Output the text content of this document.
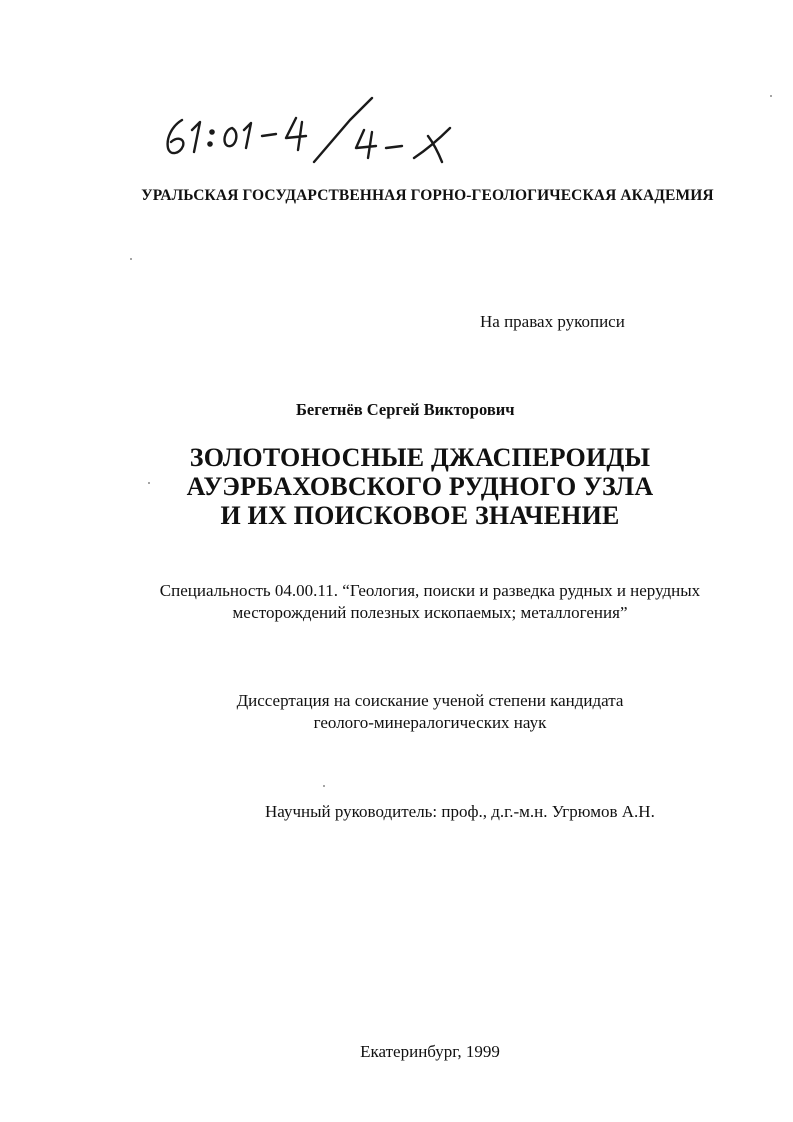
УРАЛЬСКАЯ ГОСУДАРСТВЕННАЯ ГОРНО-ГЕОЛОГИЧЕСКАЯ АКАДЕМИЯ
На правах рукописи
Бегетнёв Сергей Викторович
ЗОЛОТОНОСНЫЕ ДЖАСПЕРОИДЫ
АУЭРБАХОВСКОГО РУДНОГО УЗЛА
И ИХ ПОИСКОВОЕ ЗНАЧЕНИЕ
Специальность 04.00.11. “Геология, поиски и разведка рудных и нерудных
месторождений полезных ископаемых; металлогения”
Диссертация на соискание ученой степени кандидата
геолого-минералогических наук
Научный руководитель: проф., д.г.-м.н. Угрюмов А.Н.
Екатеринбург, 1999
